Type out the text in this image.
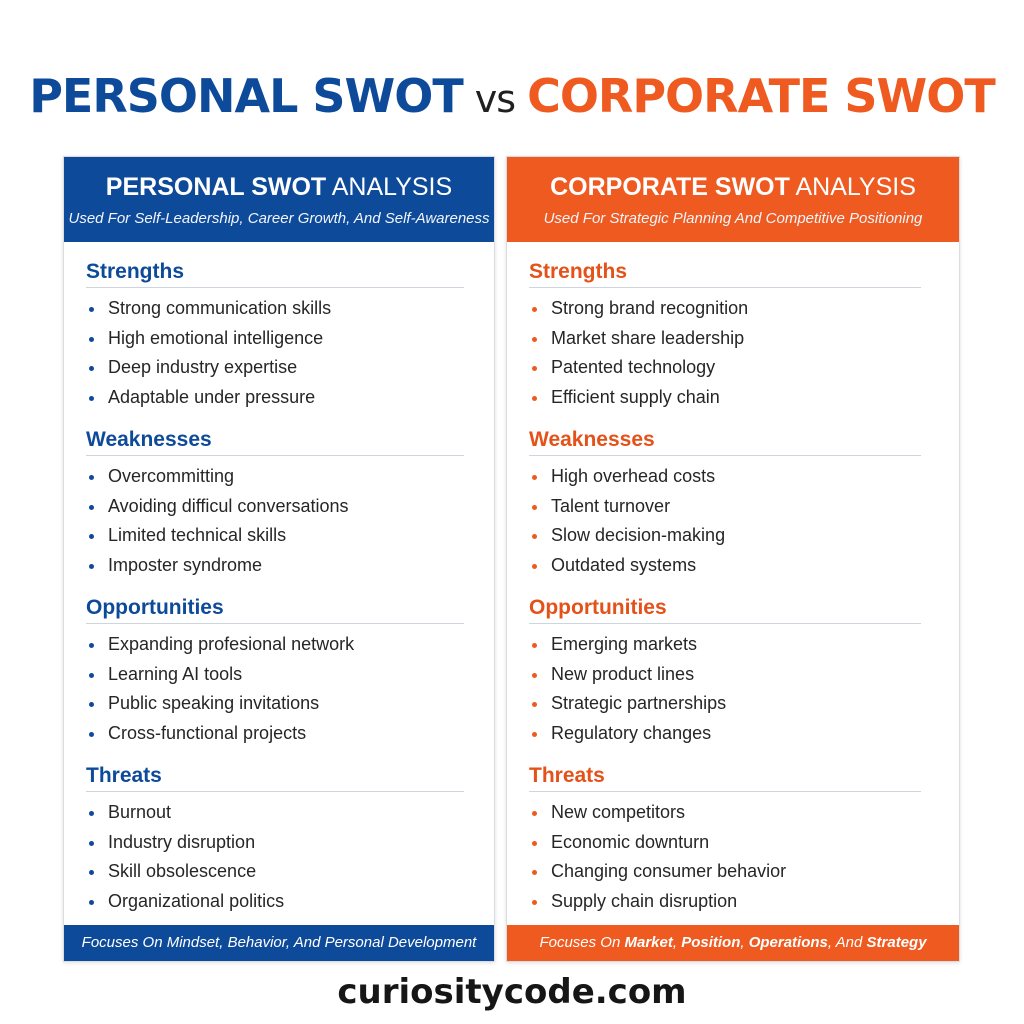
PERSONAL SWOT vs CORPORATE SWOT
PERSONAL SWOT ANALYSIS
Used For Self-Leadership, Career Growth, And Self-Awareness
Strengths
Strong communication skills
High emotional intelligence
Deep industry expertise
Adaptable under pressure
Weaknesses
Overcommitting
Avoiding difficul conversations
Limited technical skills
Imposter syndrome
Opportunities
Expanding profesional network
Learning AI tools
Public speaking invitations
Cross-functional projects
Threats
Burnout
Industry disruption
Skill obsolescence
Organizational politics
Focuses On Mindset, Behavior, And Personal Development
CORPORATE SWOT ANALYSIS
Used For Strategic Planning And Competitive Positioning
Strengths
Strong brand recognition
Market share leadership
Patented technology
Efficient supply chain
Weaknesses
High overhead costs
Talent turnover
Slow decision-making
Outdated systems
Opportunities
Emerging markets
New product lines
Strategic partnerships
Regulatory changes
Threats
New competitors
Economic downturn
Changing consumer behavior
Supply chain disruption
Focuses On Market, Position, Operations, And Strategy
curiositycode.com
